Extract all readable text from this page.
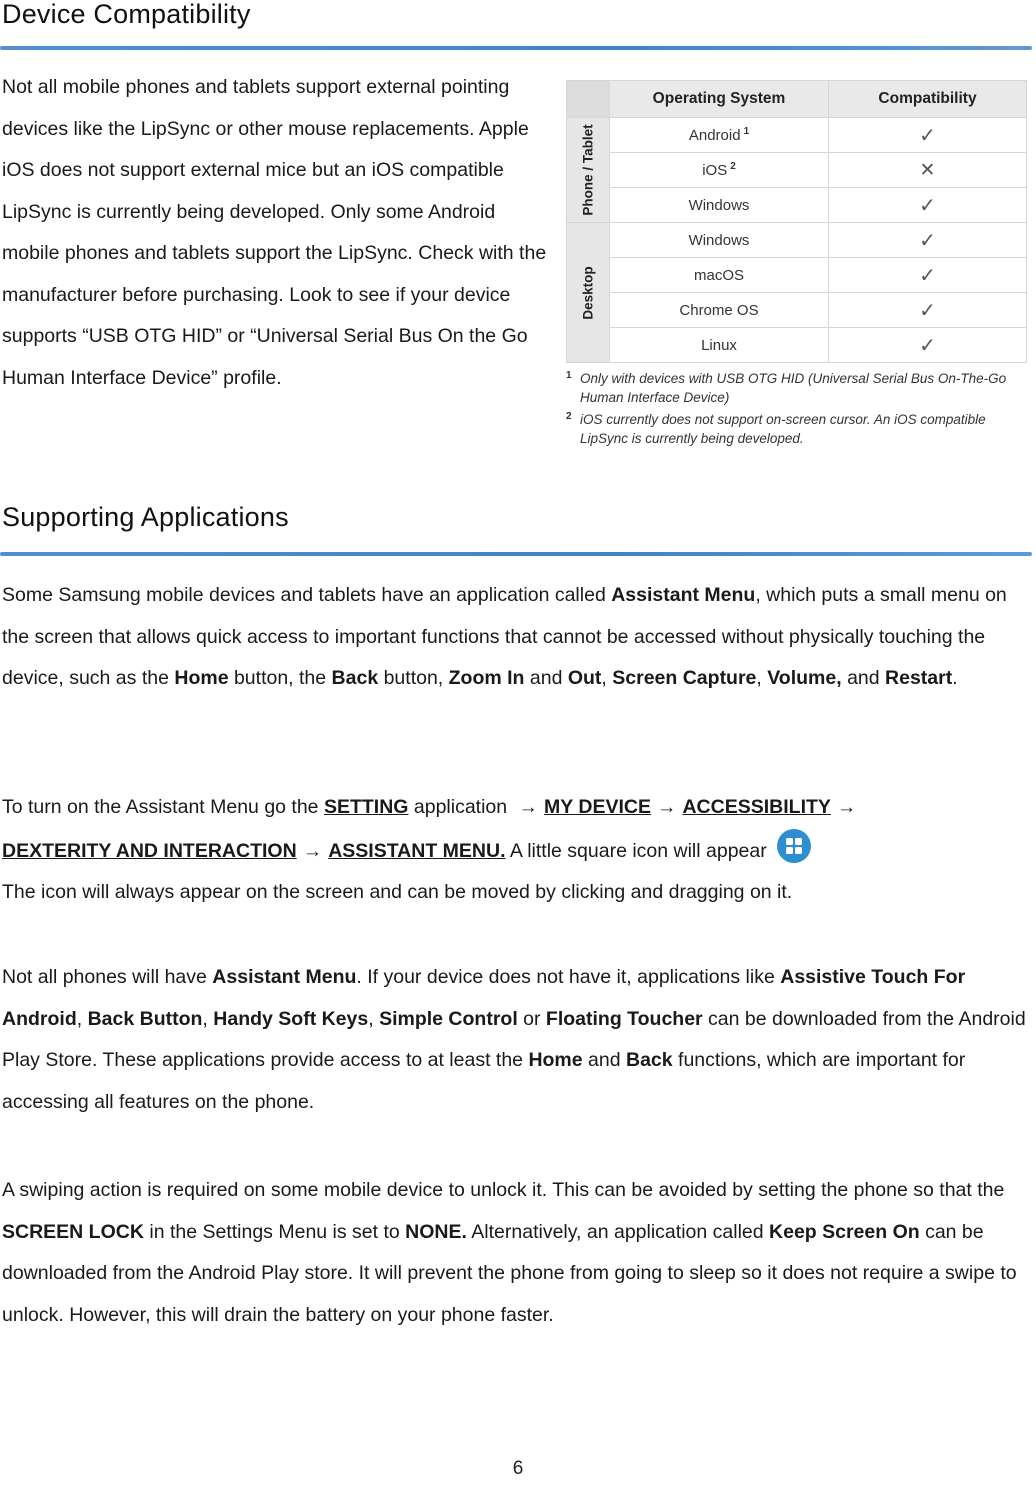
Device Compatibility

Not all mobile phones and tablets support external pointing devices like the LipSync or other mouse replacements. Apple iOS does not support external mice but an iOS compatible LipSync is currently being developed. Only some Android mobile phones and tablets support the LipSync. Check with the manufacturer before purchasing. Look to see if your device supports “USB OTG HID” or “Universal Serial Bus On the Go Human Interface Device” profile.

	Operating System	Compatibility

Phone / Tablet	Android $^1$	✓
	iOS $^2$	✕
	Windows	✓

Desktop	Windows	✓
	macOS	✓
	Chrome OS	✓
	Linux	✓
1 Only with devices with USB OTG HID (Universal Serial Bus On-The-Go Human Interface Device)
2 iOS currently does not support on-screen cursor. An iOS compatible LipSync is currently being developed.
Supporting Applications

Some Samsung mobile devices and tablets have an application called Assistant Menu, which puts a small menu on the screen that allows quick access to important functions that cannot be accessed without physically touching the device, such as the Home button, the Back button, Zoom In and Out, Screen Capture, Volume, and Restart.

To turn on the Assistant Menu go the SETTING application → MY DEVICE → ACCESSIBILITY →
DEXTERITY AND INTERACTION → ASSISTANT MENU. A little square icon will appear

The icon will always appear on the screen and can be moved by clicking and dragging on it.

Not all phones will have Assistant Menu. If your device does not have it, applications like Assistive Touch For Android, Back Button, Handy Soft Keys, Simple Control or Floating Toucher can be downloaded from the Android Play Store. These applications provide access to at least the Home and Back functions, which are important for accessing all features on the phone.

A swiping action is required on some mobile device to unlock it. This can be avoided by setting the phone so that the SCREEN LOCK in the Settings Menu is set to NONE. Alternatively, an application called Keep Screen On can be downloaded from the Android Play store. It will prevent the phone from going to sleep so it does not require a swipe to unlock. However, this will drain the battery on your phone faster.

6
